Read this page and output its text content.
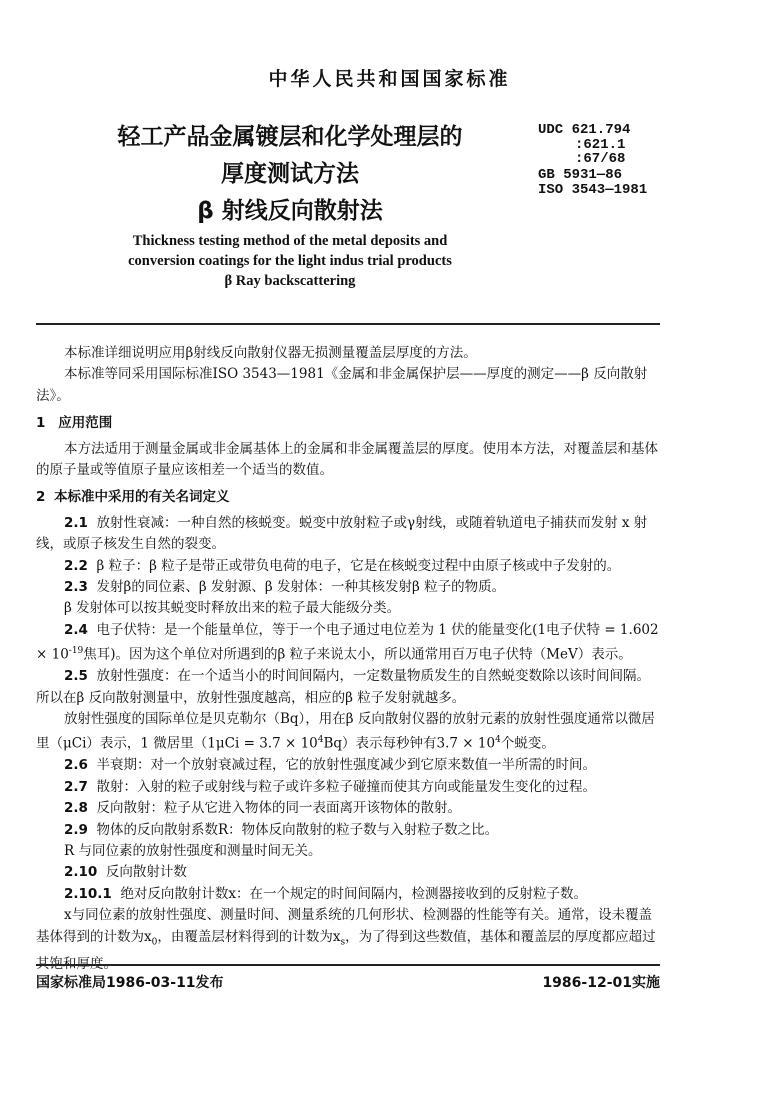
中华人民共和国国家标准
轻工产品金属镀层和化学处理层的
厚度测试方法
β 射线反向散射法
Thickness testing method of the metal deposits and
conversion coatings for the light indus trial products
β Ray backscattering
UDC 621.794
:621.1
:67/68
GB 5931—86
ISO 3543—1981

本标准详细说明应用β射线反向散射仪器无损测量覆盖层厚度的方法。

本标准等同采用国际标准ISO 3543—1981《金属和非金属保护层——厚度的测定——β 反向散射法》。

1 应用范围

本方法适用于测量金属或非金属基体上的金属和非金属覆盖层的厚度。使用本方法，对覆盖层和基体的原子量或等值原子量应该相差一个适当的数值。

2 本标准中采用的有关名词定义

2.1 放射性衰减：一种自然的核蜕变。蜕变中放射粒子或γ射线，或随着轨道电子捕获而发射 x 射线，或原子核发生自然的裂变。

2.2 β 粒子：β 粒子是带正或带负电荷的电子，它是在核蜕变过程中由原子核或中子发射的。

2.3 发射β的同位素、β 发射源、β 发射体：一种其核发射β 粒子的物质。

β 发射体可以按其蜕变时释放出来的粒子最大能级分类。

2.4 电子伏特：是一个能量单位，等于一个电子通过电位差为 1 伏的能量变化(1电子伏特 = $1.602 \times 10^{-19}$焦耳)。因为这个单位对所遇到的β 粒子来说太小，所以通常用百万电子伏特（MeV）表示。

2.5 放射性强度：在一个适当小的时间间隔内，一定数量物质发生的自然蜕变数除以该时间间隔。所以在β 反向散射测量中，放射性强度越高，相应的β 粒子发射就越多。

放射性强度的国际单位是贝克勒尔（Bq），用在β 反向散射仪器的放射元素的放射性强度通常以微居里（μCi）表示，1 微居里$(1\mu Ci = 3.7 \times 10^4Bq)$表示每秒钟有$3.7 \times 10^4$个蜕变。

2.6 半衰期：对一个放射衰减过程，它的放射性强度减少到它原来数值一半所需的时间。

2.7 散射：入射的粒子或射线与粒子或许多粒子碰撞而使其方向或能量发生变化的过程。

2.8 反向散射：粒子从它进入物体的同一表面离开该物体的散射。

2.9 物体的反向散射系数R：物体反向散射的粒子数与入射粒子数之比。

R 与同位素的放射性强度和测量时间无关。

2.10 反向散射计数

2.10.1 绝对反向散射计数x：在一个规定的时间间隔内，检测器接收到的反射粒子数。

x与同位素的放射性强度、测量时间、测量系统的几何形状、检测器的性能等有关。通常，设未覆盖基体得到的计数为$x_0$，由覆盖层材料得到的计数为$x_s$，为了得到这些数值，基体和覆盖层的厚度都应超过其饱和厚度。

国家标准局1986-03-11发布	1986-12-01实施
